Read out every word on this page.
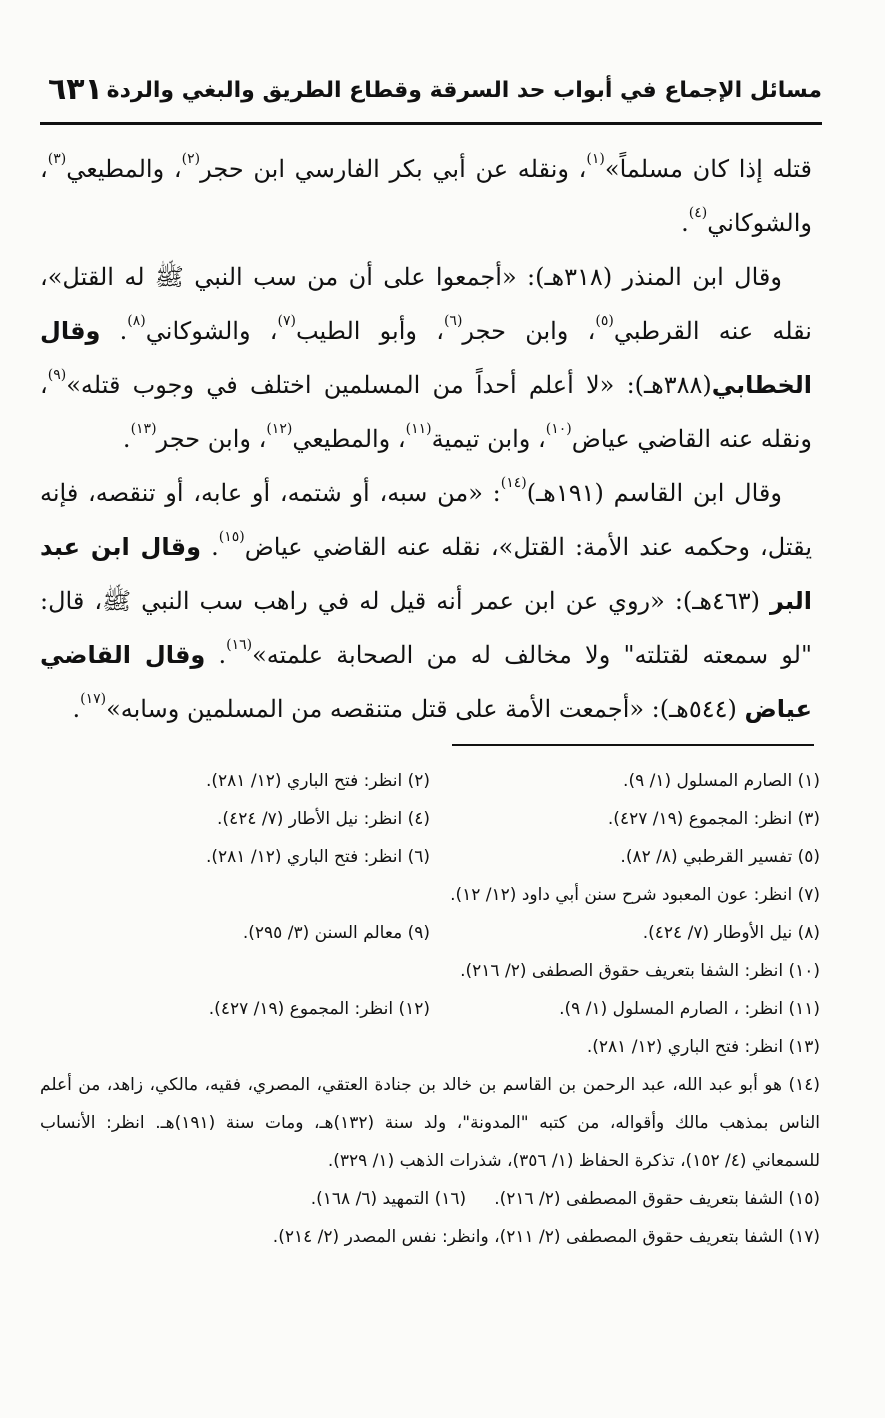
مسائل الإجماع في أبواب حد السرقة وقطاع الطريق والبغي والردة
٦٣١

قتله إذا كان مسلماً»$^{(١)}$، ونقله عن أبي بكر الفارسي ابن حجر$^{(٢)}$، والمطيعي$^{(٣)}$، والشوكاني$^{(٤)}$.

وقال ابن المنذر (٣١٨هـ): «أجمعوا على أن من سب النبي ﷺ له القتل»، نقله عنه القرطبي$^{(٥)}$، وابن حجر$^{(٦)}$، وأبو الطيب$^{(٧)}$، والشوكاني$^{(٨)}$. وقال الخطابي(٣٨٨هـ): «لا أعلم أحداً من المسلمين اختلف في وجوب قتله»$^{(٩)}$، ونقله عنه القاضي عياض$^{(١٠)}$، وابن تيمية$^{(١١)}$، والمطيعي$^{(١٢)}$، وابن حجر$^{(١٣)}$.

وقال ابن القاسم (١٩١هـ)$^{(١٤)}$: «من سبه، أو شتمه، أو عابه، أو تنقصه، فإنه يقتل، وحكمه عند الأمة: القتل»، نقله عنه القاضي عياض$^{(١٥)}$. وقال ابن عبد البر (٤٦٣هـ): «روي عن ابن عمر أنه قيل له في راهب سب النبي ﷺ، قال: "لو سمعته لقتلته" ولا مخالف له من الصحابة علمته»$^{(١٦)}$. وقال القاضي عياض (٥٤٤هـ): «أجمعت الأمة على قتل متنقصه من المسلمين وسابه»$^{(١٧)}$.

(١) الصارم المسلول (١/ ٩).
(٢) انظر: فتح الباري (١٢/ ٢٨١).
(٣) انظر: المجموع (١٩/ ٤٢٧).
(٤) انظر: نيل الأطار (٧/ ٤٢٤).
(٥) تفسير القرطبي (٨/ ٨٢).
(٦) انظر: فتح الباري (١٢/ ٢٨١).
(٧) انظر: عون المعبود شرح سنن أبي داود (١٢/ ١٢).
(٨) نيل الأوطار (٧/ ٤٢٤).
(٩) معالم السنن (٣/ ٢٩٥).
(١٠) انظر: الشفا بتعريف حقوق الصطفى (٢/ ٢١٦).
(١١) انظر: ، الصارم المسلول (١/ ٩).
(١٢) انظر: المجموع (١٩/ ٤٢٧).
(١٣) انظر: فتح الباري (١٢/ ٢٨١).
(١٤) هو أبو عبد الله، عبد الرحمن بن القاسم بن خالد بن جنادة العتقي، المصري، فقيه، مالكي، زاهد، من أعلم الناس بمذهب مالك وأقواله، من كتبه "المدونة"، ولد سنة (١٣٢)هـ، ومات سنة (١٩١)هـ. انظر: الأنساب للسمعاني (٤/ ١٥٢)، تذكرة الحفاظ (١/ ٣٥٦)، شذرات الذهب (١/ ٣٢٩).
(١٥) الشفا بتعريف حقوق المصطفى (٢/ ٢١٦).
(١٦) التمهيد (٦/ ١٦٨).
(١٧) الشفا بتعريف حقوق المصطفى (٢/ ٢١١)، وانظر: نفس المصدر (٢/ ٢١٤).
